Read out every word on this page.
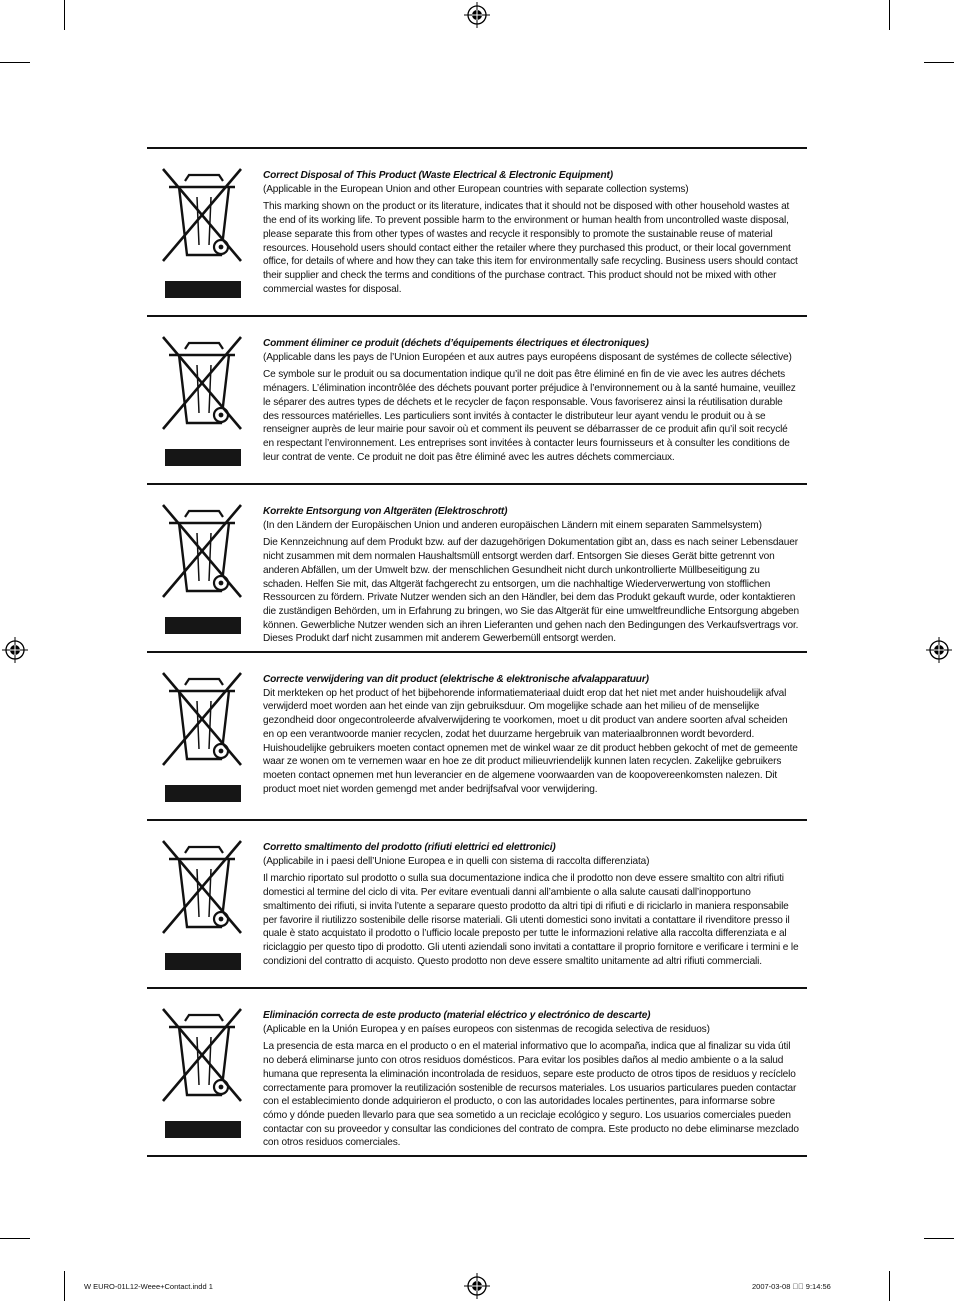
Correct Disposal of This Product (Waste Electrical & Electronic Equipment)
(Applicable in the European Union and other European countries with separate collection systems)
This marking shown on the product or its literature, indicates that it should not be disposed with other household wastes at the end of its working life. To prevent possible harm to the environment or human health from uncontrolled waste disposal, please separate this from other types of wastes and recycle it responsibly to promote the sustainable reuse of material resources. Household users should contact either the retailer where they purchased this product, or their local government office, for details of where and how they can take this item for environmentally safe recycling. Business users should contact their supplier and check the terms and conditions of the purchase contract. This product should not be mixed with other commercial wastes for disposal.
Comment éliminer ce produit (déchets d’équipements électriques et électroniques)
(Applicable dans les pays de l’Union Européen et aux autres pays européens disposant de systémes de collecte sélective)
Ce symbole sur le produit ou sa documentation indique qu’il ne doit pas être éliminé en fin de vie avec les autres déchets ménagers. L’élimination incontrôlée des déchets pouvant porter préjudice à l’environnement ou à la santé humaine, veuillez le séparer des autres types de déchets et le recycler de façon responsable. Vous favoriserez ainsi la réutilisation durable des ressources matérielles. Les particuliers sont invités à contacter le distributeur leur ayant vendu le produit ou à se renseigner auprès de leur mairie pour savoir où et comment ils peuvent se débarrasser de ce produit afin qu’il soit recyclé en respectant l’environnement. Les entreprises sont invitées à contacter leurs fournisseurs et à consulter les conditions de leur contrat de vente. Ce produit ne doit pas être éliminé avec les autres déchets commerciaux.
Korrekte Entsorgung von Altgeräten (Elektroschrott)
(In den Ländern der Europäischen Union und anderen europäischen Ländern mit einem separaten Sammelsystem)
Die Kennzeichnung auf dem Produkt bzw. auf der dazugehörigen Dokumentation gibt an, dass es nach seiner Lebensdauer nicht zusammen mit dem normalen Haushaltsmüll entsorgt werden darf. Entsorgen Sie dieses Gerät bitte getrennt von anderen Abfällen, um der Umwelt bzw. der menschlichen Gesundheit nicht durch unkontrollierte Müllbeseitigung zu schaden. Helfen Sie mit, das Altgerät fachgerecht zu entsorgen, um die nachhaltige Wiederverwertung von stofflichen Ressourcen zu fördern. Private Nutzer wenden sich an den Händler, bei dem das Produkt gekauft wurde, oder kontaktieren die zuständigen Behörden, um in Erfahrung zu bringen, wo Sie das Altgerät für eine umweltfreundliche Entsorgung abgeben können. Gewerbliche Nutzer wenden sich an ihren Lieferanten und gehen nach den Bedingungen des Verkaufsvertrags vor. Dieses Produkt darf nicht zusammen mit anderem Gewerbemüll entsorgt werden.
Correcte verwijdering van dit product (elektrische & elektronische afvalapparatuur)
Dit merkteken op het product of het bijbehorende informatiemateriaal duidt erop dat het niet met ander huishoudelijk afval verwijderd moet worden aan het einde van zijn gebruiksduur. Om mogelijke schade aan het milieu of de menselijke gezondheid door ongecontroleerde afvalverwijdering te voorkomen, moet u dit product van andere soorten afval scheiden en op een verantwoorde manier recyclen, zodat het duurzame hergebruik van materiaalbronnen wordt bevorderd. Huishoudelijke gebruikers moeten contact opnemen met de winkel waar ze dit product hebben gekocht of met de gemeente waar ze wonen om te vernemen waar en hoe ze dit product milieuvriendelijk kunnen laten recyclen. Zakelijke gebruikers moeten contact opnemen met hun leverancier en de algemene voorwaarden van de koopovereenkomsten nalezen. Dit product moet niet worden gemengd met ander bedrijfsafval voor verwijdering.
Corretto smaltimento del prodotto (rifiuti elettrici ed elettronici)
(Applicabile in i paesi dell’Unione Europea e in quelli con sistema di raccolta differenziata)
Il marchio riportato sul prodotto o sulla sua documentazione indica che il prodotto non deve essere smaltito con altri rifiuti domestici al termine del ciclo di vita. Per evitare eventuali danni all’ambiente o alla salute causati dall’inopportuno smaltimento dei rifiuti, si invita l’utente a separare questo prodotto da altri tipi di rifiuti e di riciclarlo in maniera responsabile per favorire il riutilizzo sostenibile delle risorse materiali. Gli utenti domestici sono invitati a contattare il rivenditore presso il quale è stato acquistato il prodotto o l’ufficio locale preposto per tutte le informazioni relative alla raccolta differenziata e al riciclaggio per questo tipo di prodotto. Gli utenti aziendali sono invitati a contattare il proprio fornitore e verificare i termini e le condizioni del contratto di acquisto. Questo prodotto non deve essere smaltito unitamente ad altri rifiuti commerciali.
Eliminación correcta de este producto (material eléctrico y electrónico de descarte)
(Aplicable en la Unión Europea y en países europeos con sistenmas de recogida selectiva de residuos)
La presencia de esta marca en el producto o en el material informativo que lo acompaña, indica que al finalizar su vida útil no deberá eliminarse junto con otros residuos domésticos. Para evitar los posibles daños al medio ambiente o a la salud humana que representa la eliminación incontrolada de residuos, separe este producto de otros tipos de residuos y recíclelo correctamente para promover la reutilización sostenible de recursos materiales. Los usuarios particulares pueden contactar con el establecimiento donde adquirieron el producto, o con las autoridades locales pertinentes, para informarse sobre cómo y dónde pueden llevarlo para que sea sometido a un reciclaje ecológico y seguro. Los usuarios comerciales pueden contactar con su proveedor y consultar las condiciones del contrato de compra. Este producto no debe eliminarse mezclado con otros residuos comerciales.
W EURO-01L12-Weee+Contact.indd 1	2007-03-08 ￿￿ 9:14:56
